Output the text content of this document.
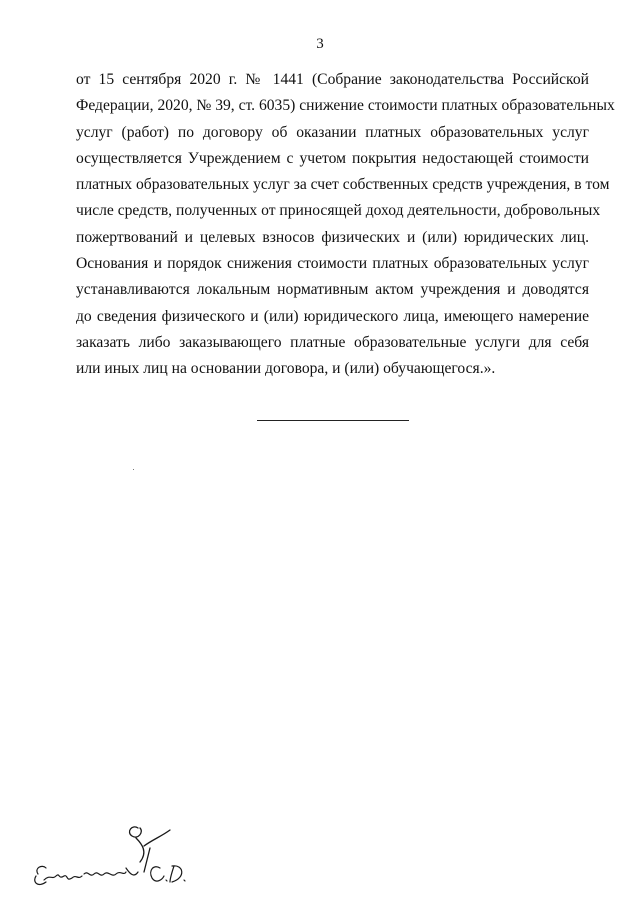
3
от 15 сентября 2020 г. № 1441 (Собрание законодательства Российской
Федерации, 2020, № 39, ст. 6035) снижение стоимости платных образовательных
услуг (работ) по договору об оказании платных образовательных услуг
осуществляется Учреждением с учетом покрытия недостающей стоимости
платных образовательных услуг за счет собственных средств учреждения, в том
числе средств, полученных от приносящей доход деятельности, добровольных
пожертвований и целевых взносов физических и (или) юридических лиц.
Основания и порядок снижения стоимости платных образовательных услуг
устанавливаются локальным нормативным актом учреждения и доводятся
до сведения физического и (или) юридического лица, имеющего намерение
заказать либо заказывающего платные образовательные услуги для себя
или иных лиц на основании договора, и (или) обучающегося.».
